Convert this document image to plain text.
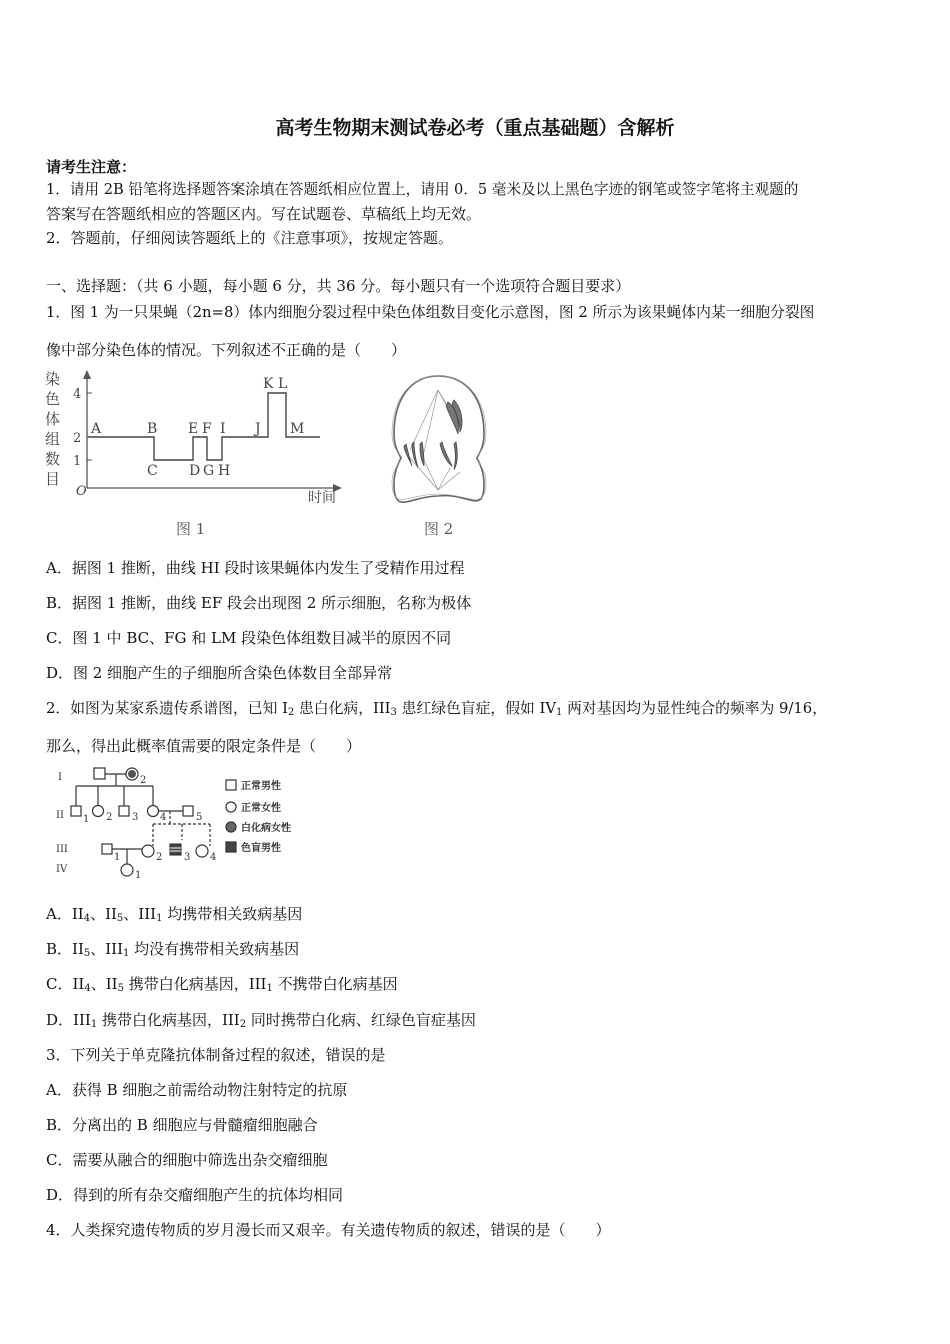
高考生物期末测试卷必考（重点基础题）含解析
请考生注意：
1．请用 2B 铅笔将选择题答案涂填在答题纸相应位置上，请用 0．5 毫米及以上黑色字迹的钢笔或签字笔将主观题的
答案写在答题纸相应的答题区内。写在试题卷、草稿纸上均无效。
2．答题前，仔细阅读答题纸上的《注意事项》，按规定答题。
一、选择题：（共 6 小题，每小题 6 分，共 36 分。每小题只有一个选项符合题目要求）
1．图 1 为一只果蝇（2n=8）体内细胞分裂过程中染色体组数目变化示意图，图 2 所示为该果蝇体内某一细胞分裂图
像中部分染色体的情况。下列叙述不正确的是（　　）
染
色
体
组
数
目
4
2
1
O	时间
A	B E F I J
K L
M
C D G H
图 1	图 2
A．据图 1 推断，曲线 HI 段时该果蝇体内发生了受精作用过程
B．据图 1 推断，曲线 EF 段会出现图 2 所示细胞，名称为极体
C．图 1 中 BC、FG 和 LM 段染色体组数目减半的原因不同
D．图 2 细胞产生的子细胞所含染色体数目全部异常
2．如图为某家系遗传系谱图，已知 $I_2$ 患白化病，$III_3$ 患红绿色盲症，假如 $IV_1$ 两对基因均为显性纯合的频率为 9/16，
那么，得出此概率值需要的限定条件是（　　）
I
II
III
IV
1 2 3 4	5
2
1	2 3 4
1
正常男性
正常女性
白化病女性
色盲男性
A．$II_4$、$II_5$、$III_1$ 均携带相关致病基因
B．$II_5$、$III_1$ 均没有携带相关致病基因
C．$II_4$、$II_5$ 携带白化病基因，$III_1$ 不携带白化病基因
D．$III_1$ 携带白化病基因，$III_2$ 同时携带白化病、红绿色盲症基因
3．下列关于单克隆抗体制备过程的叙述，错误的是
A．获得 B 细胞之前需给动物注射特定的抗原
B．分离出的 B 细胞应与骨髓瘤细胞融合
C．需要从融合的细胞中筛选出杂交瘤细胞
D．得到的所有杂交瘤细胞产生的抗体均相同
4．人类探究遗传物质的岁月漫长而又艰辛。有关遗传物质的叙述，错误的是（　　）
